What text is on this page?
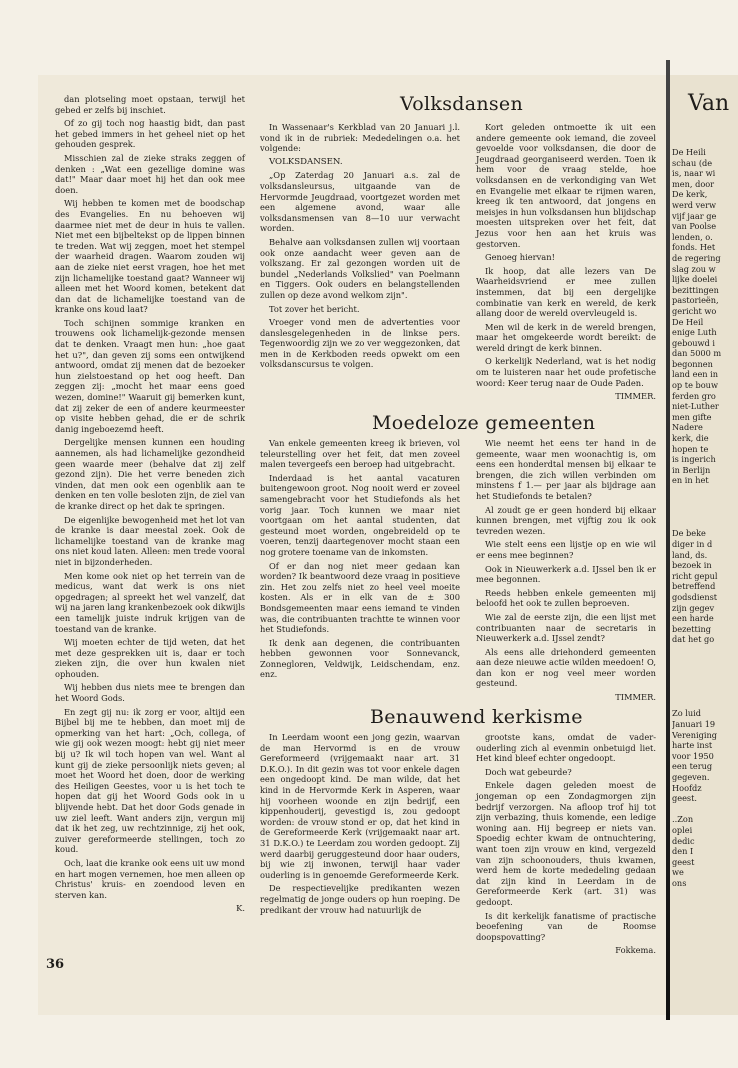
Van
De Heili
schau (de
is, naar wi
men, door
De kerk,
werd verw
vijf jaar ge
van Poolse
lenden, o.
fonds. Het
de regering
slag zou w
lijke doelei
bezittingen
pastorieën,
gericht wo
De Heil
enige Luth
gebouwd i
dan 5000 m
begonnen
land een in
op te bouw
ferden gro
niet-Luther
men gifte
Nadere
kerk, die
hopen te
is ingerich
in Berlijn
en in het
De beke
diger in d
land, ds.
bezoek in
richt gepul
betreffend
godsdienst
zijn gegev
een harde
bezetting
dat het go
Zo luid
Januari 19
Vereniging
harte inst
voor 1950
een terug
gegeven.
Hoofdz
geest.
..Zon
oplei
dedic
den I
geest
we
ons

dan plotseling moet opstaan, terwijl het gebed er zelfs bij inschiet.

Of zo gij toch nog haastig bidt, dan past het gebed immers in het geheel niet op het gehouden gesprek.

Misschien zal de zieke straks zeggen of denken : „Wat een gezellige domine was dat!" Maar daar moet hij het dan ook mee doen.

Wij hebben te komen met de boodschap des Evangelies. En nu behoeven wij daarmee niet met de deur in huis te vallen. Niet met een bijbeltekst op de lippen binnen te treden. Wat wij zeggen, moet het stempel der waarheid dragen. Waarom zouden wij aan de zieke niet eerst vragen, hoe het met zijn lichamelijke toestand gaat? Wanneer wij alleen met het Woord komen, betekent dat dan dat de lichamelijke toestand van de kranke ons koud laat?

Toch schijnen sommige kranken en trouwens ook lichamelijk-gezonde mensen dat te denken. Vraagt men hun: „hoe gaat het u?", dan geven zij soms een ontwijkend antwoord, omdat zij menen dat de bezoeker hun zielstoestand op het oog heeft. Dan zeggen zij: „mocht het maar eens goed wezen, domine!" Waaruit gij bemerken kunt, dat zij zeker de een of andere keurmeester op visite hebben gehad, die er de schrik danig ingeboezemd heeft.

Dergelijke mensen kunnen een houding aannemen, als had lichamelijke gezondheid geen waarde meer (behalve dat zij zelf gezond zijn). Die het verre beneden zich vinden, dat men ook een ogenblik aan te denken en ten volle besloten zijn, de ziel van de kranke direct op het dak te springen.

De eigenlijke bewogenheid met het lot van de kranke is daar meestal zoek. Ook de lichamelijke toestand van de kranke mag ons niet koud laten. Alleen: men trede vooral niet in bijzonderheden.

Men kome ook niet op het terrein van de medicus, want dat werk is ons niet opgedragen; al spreekt het wel vanzelf, dat wij na jaren lang krankenbezoek ook dikwijls een tamelijk juiste indruk krijgen van de toestand van de kranke.

Wij moeten echter de tijd weten, dat het met deze gesprekken uit is, daar er toch zieken zijn, die over hun kwalen niet ophouden.

Wij hebben dus niets mee te brengen dan het Woord Gods.

En zegt gij nu: ik zorg er voor, altijd een Bijbel bij me te hebben, dan moet mij de opmerking van het hart: „Och, collega, of wie gij ook wezen moogt: hebt gij niet meer bij u? Ik wil toch hopen van wel. Want al kunt gij de zieke persoonlijk niets geven; al moet het Woord het doen, door de werking des Heiligen Geestes, voor u is het toch te hopen dat gij het Woord Gods ook in u blijvende hebt. Dat het door Gods genade in uw ziel leeft. Want anders zijn, vergun mij dat ik het zeg, uw rechtzinnige, zij het ook, zuiver gereformeerde stellingen, toch zo koud.

Och, laat die kranke ook eens uit uw mond en hart mogen vernemen, hoe men alleen op Christus' kruis- en zoendood leven en sterven kan.

K.

Volksdansen

In Wassenaar's Kerkblad van 20 Januari j.l. vond ik in de rubriek: Mededelingen o.a. het volgende:

VOLKSDANSEN.

„Op Zaterdag 20 Januari a.s. zal de volksdansleursus, uitgaande van de Hervormde Jeugdraad, voortgezet worden met een algemene avond, waar alle volksdansmensen van 8—10 uur verwacht worden.

Behalve aan volksdansen zullen wij voortaan ook onze aandacht weer geven aan de volkszang. Er zal gezongen worden uit de bundel „Nederlands Volkslied" van Poelmann en Tiggers. Ook ouders en belangstellenden zullen op deze avond welkom zijn".

Tot zover het bericht.

Vroeger vond men de advertenties voor danslesgelegenheden in de linkse pers. Tegenwoordig zijn we zo ver weggezonken, dat men in de Kerkboden reeds opwekt om een volksdanscursus te volgen.

Kort geleden ontmoette ik uit een andere gemeente ook iemand, die zoveel gevoelde voor volksdansen, die door de Jeugdraad georganiseerd werden. Toen ik hem voor de vraag stelde, hoe volksdansen en de verkondiging van Wet en Evangelie met elkaar te rijmen waren, kreeg ik ten antwoord, dat jongens en meisjes in hun volksdansen hun blijdschap moesten uitspreken over het feit, dat Jezus voor hen aan het kruis was gestorven.

Genoeg hiervan!

Ik hoop, dat alle lezers van De Waarheidsvriend er mee zullen instemmen, dat bij een dergelijke combinatie van kerk en wereld, de kerk allang door de wereld overvleugeld is.

Men wil de kerk in de wereld brengen, maar het omgekeerde wordt bereikt: de wereld dringt de kerk binnen.

O kerkelijk Nederland, wat is het nodig om te luisteren naar het oude profetische woord: Keer terug naar de Oude Paden.

TIMMER.

Moedeloze gemeenten

Van enkele gemeenten kreeg ik brieven, vol teleurstelling over het feit, dat men zoveel malen tevergeefs een beroep had uitgebracht.

Inderdaad is het aantal vacaturen buitengewoon groot. Nog nooit werd er zoveel samengebracht voor het Studiefonds als het vorig jaar. Toch kunnen we maar niet voortgaan om het aantal studenten, dat gesteund moet worden, ongebreideld op te voeren, tenzij daartegenover mocht staan een nog grotere toename van de inkomsten.

Of er dan nog niet meer gedaan kan worden? Ik beantwoord deze vraag in positieve zin. Het zou zelfs niet zo heel veel moeite kosten. Als er in elk van de ± 300 Bondsgemeenten maar eens iemand te vinden was, die contribuanten trachtte te winnen voor het Studiefonds.

Ik denk aan degenen, die contribuanten hebben gewonnen voor Sonnevanck, Zonnegloren, Veldwijk, Leidschendam, enz. enz.

Wie neemt het eens ter hand in de gemeente, waar men woonachtig is, om eens een honderdtal mensen bij elkaar te brengen, die zich willen verbinden om minstens f 1.— per jaar als bijdrage aan het Studiefonds te betalen?

Al zoudt ge er geen honderd bij elkaar kunnen brengen, met vijftig zou ik ook tevreden wezen.

Wie stelt eens een lijstje op en wie wil er eens mee beginnen?

Ook in Nieuwerkerk a.d. IJssel ben ik er mee begonnen.

Reeds hebben enkele gemeenten mij beloofd het ook te zullen beproeven.

Wie zal de eerste zijn, die een lijst met contribuanten naar de secretaris in Nieuwerkerk a.d. IJssel zendt?

Als eens alle driehonderd gemeenten aan deze nieuwe actie wilden meedoen! O, dan kon er nog veel meer worden gesteund.

TIMMER.

Benauwend kerkisme

In Leerdam woont een jong gezin, waarvan de man Hervormd is en de vrouw Gereformeerd (vrijgemaakt naar art. 31 D.K.O.). In dit gezin was tot voor enkele dagen een ongedoopt kind. De man wilde, dat het kind in de Hervormde Kerk in Asperen, waar hij voorheen woonde en zijn bedrijf, een kippenhouderij, gevestigd is, zou gedoopt worden: de vrouw stond er op, dat het kind in de Gereformeerde Kerk (vrijgemaakt naar art. 31 D.K.O.) te Leerdam zou worden gedoopt. Zij werd daarbij geruggesteund door haar ouders, bij wie zij inwonen, terwijl haar vader ouderling is in genoemde Gereformeerde Kerk.

De respectievelijke predikanten wezen regelmatig de jonge ouders op hun roeping. De predikant der vrouw had natuurlijk de

grootste kans, omdat de vader-ouderling zich al evenmin onbetuigd liet. Het kind bleef echter ongedoopt.

Doch wat gebeurde?

Enkele dagen geleden moest de jongeman op een Zondagmorgen zijn bedrijf verzorgen. Na afloop trof hij tot zijn verbazing, thuis komende, een ledige woning aan. Hij begreep er niets van. Spoedig echter kwam de ontnuchtering, want toen zijn vrouw en kind, vergezeld van zijn schoonouders, thuis kwamen, werd hem de korte mededeling gedaan dat zijn kind in Leerdam in de Gereformeerde Kerk (art. 31) was gedoopt.

Is dit kerkelijk fanatisme of practische beoefening van de Roomse doopspovatting?

Fokkema.

36
